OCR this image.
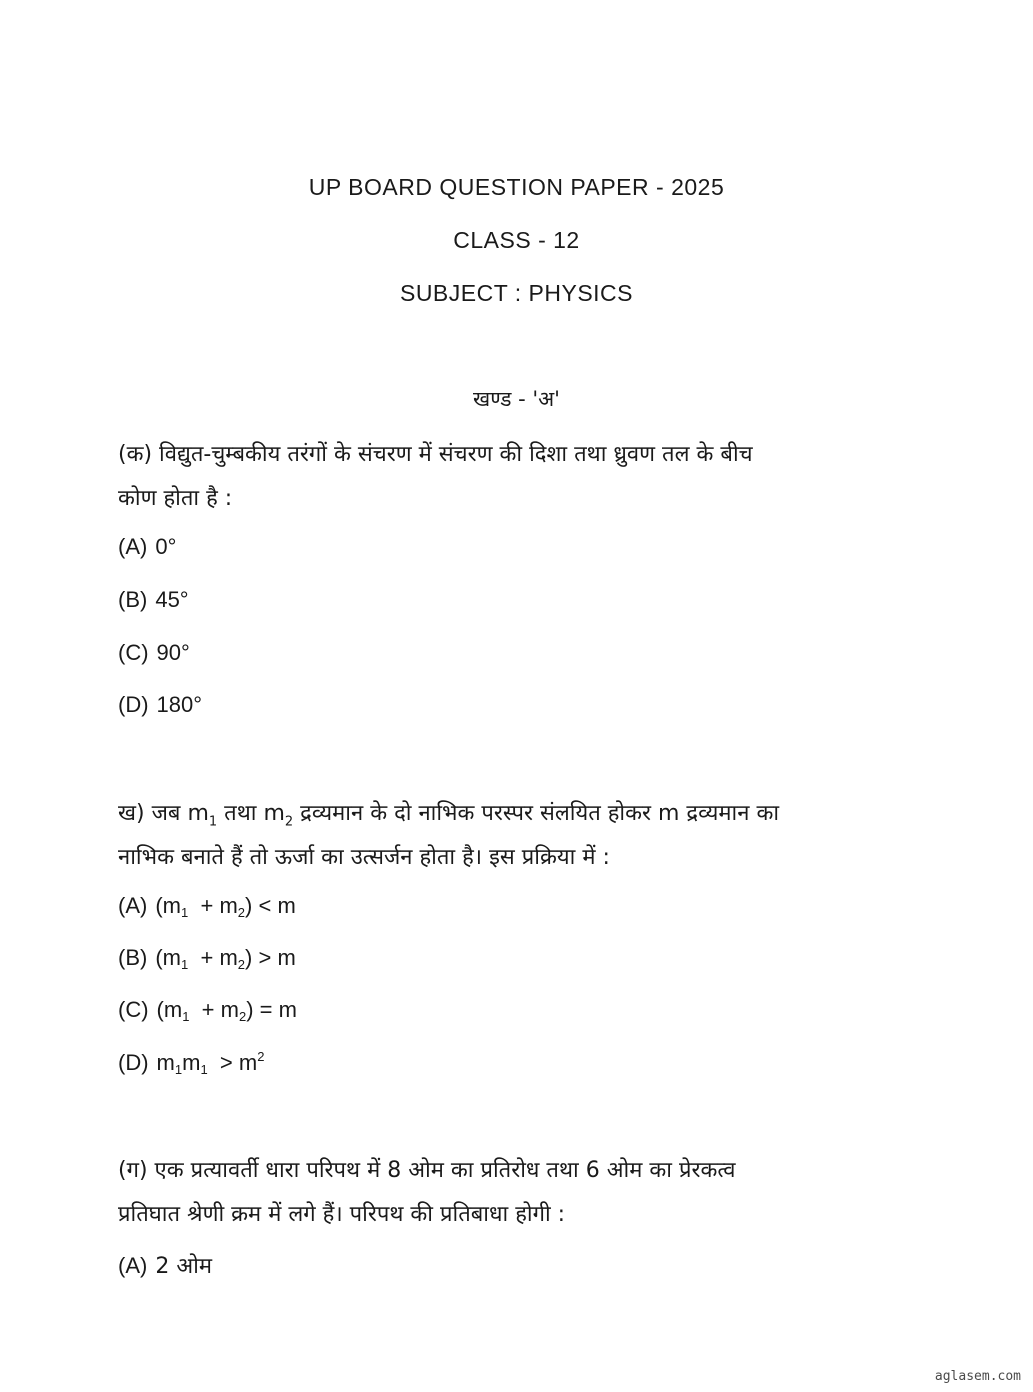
UP BOARD QUESTION PAPER - 2025
CLASS - 12
SUBJECT : PHYSICS
खण्ड - 'अ'
(क) विद्युत-चुम्बकीय तरंगों के संचरण में संचरण की दिशा तथा ध्रुवण तल के बीच
कोण होता है :
(A) 0°
(B) 45°
(C) 90°
(D) 180°
ख) जब $m_1$ तथा $m_2$ द्रव्यमान के दो नाभिक परस्पर संलयित होकर m द्रव्यमान का
नाभिक बनाते हैं तो ऊर्जा का उत्सर्जन होता है। इस प्रक्रिया में :
(A) $(m_1 + m_2) < m$
(B) $(m_1 + m_2) > m$
(C) $(m_1 + m_2) = m$
(D) $m_1m_1 > m^2$
(ग) एक प्रत्यावर्ती धारा परिपथ में 8 ओम का प्रतिरोध तथा 6 ओम का प्रेरकत्व
प्रतिघात श्रेणी क्रम में लगे हैं। परिपथ की प्रतिबाधा होगी :
(A) 2 ओम
aglasem.com
